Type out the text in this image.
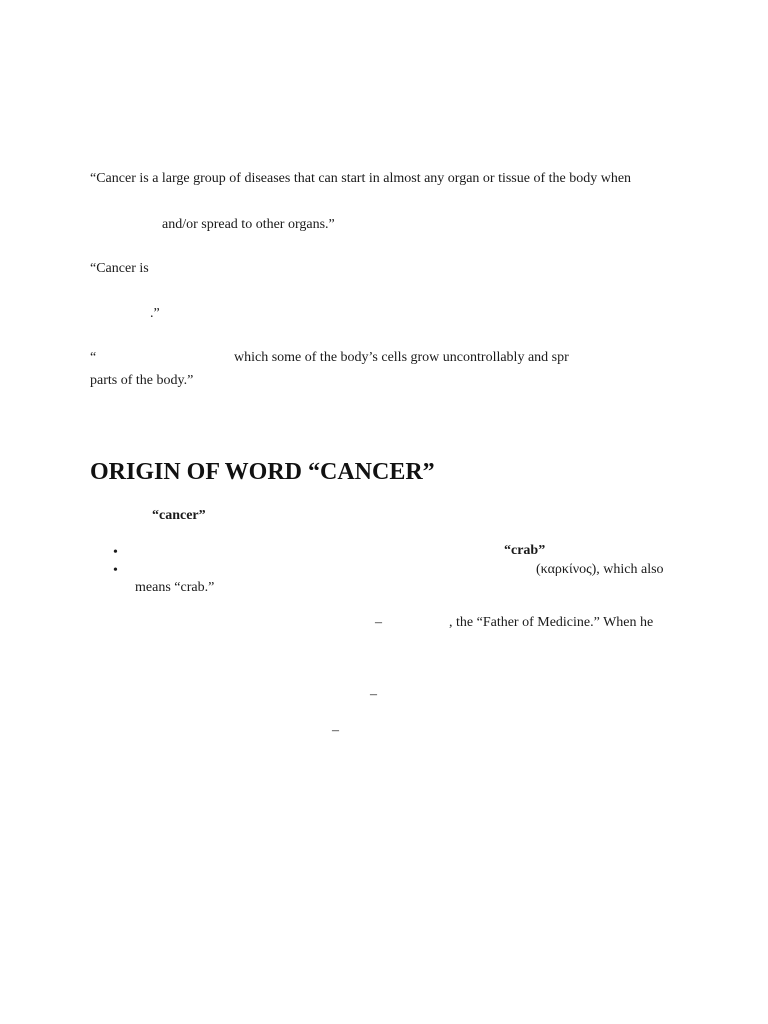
“Cancer is a large group of diseases that can start in almost any organ or tissue of the body when
and/or spread to other organs.”
“Cancer is
.”
“	which some of the body’s cells grow uncontrollably and spr
parts of the body.”
ORIGIN OF WORD “CANCER”
“cancer”
•	“crab”
•	(καρκίνος), which also
means “crab.”
–	, the “Father of Medicine.” When he
–
–
